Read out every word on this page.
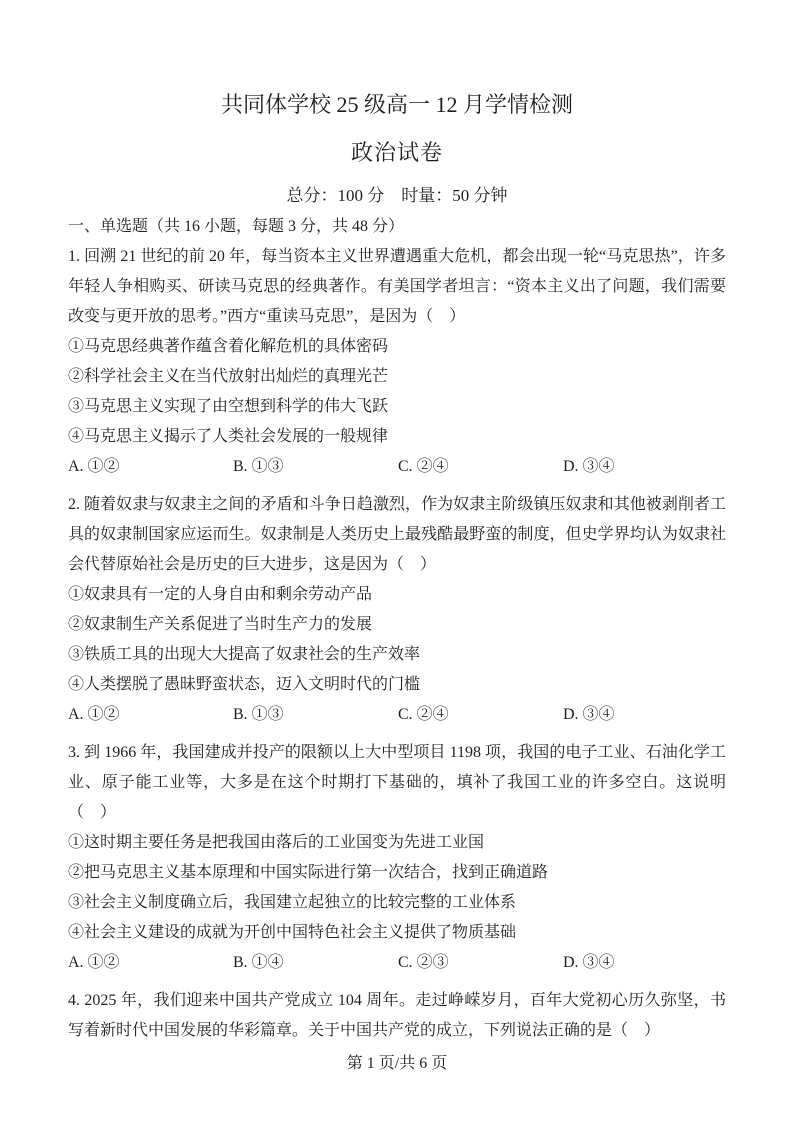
共同体学校 25 级高一 12 月学情检测
政治试卷
总分：100 分　时量：50 分钟
一、单选题（共 16 小题，每题 3 分，共 48 分）

1. 回溯 21 世纪的前 20 年，每当资本主义世界遭遇重大危机，都会出现一轮“马克思热”，许多年轻人争相购买、研读马克思的经典著作。有美国学者坦言：“资本主义出了问题，我们需要改变与更开放的思考。”西方“重读马克思”，是因为（　）

①马克思经典著作蕴含着化解危机的具体密码

②科学社会主义在当代放射出灿烂的真理光芒

③马克思主义实现了由空想到科学的伟大飞跃

④马克思主义揭示了人类社会发展的一般规律

A. ①②	B. ①③	C. ②④	D. ③④

2. 随着奴隶与奴隶主之间的矛盾和斗争日趋激烈，作为奴隶主阶级镇压奴隶和其他被剥削者工具的奴隶制国家应运而生。奴隶制是人类历史上最残酷最野蛮的制度，但史学界均认为奴隶社会代替原始社会是历史的巨大进步，这是因为（　）

①奴隶具有一定的人身自由和剩余劳动产品

②奴隶制生产关系促进了当时生产力的发展

③铁质工具的出现大大提高了奴隶社会的生产效率

④人类摆脱了愚昧野蛮状态，迈入文明时代的门槛

A. ①②	B. ①③	C. ②④	D. ③④

3. 到 1966 年，我国建成并投产的限额以上大中型项目 1198 项，我国的电子工业、石油化学工业、原子能工业等，大多是在这个时期打下基础的，填补了我国工业的许多空白。这说明（　）

①这时期主要任务是把我国由落后的工业国变为先进工业国

②把马克思主义基本原理和中国实际进行第一次结合，找到正确道路

③社会主义制度确立后，我国建立起独立的比较完整的工业体系

④社会主义建设的成就为开创中国特色社会主义提供了物质基础

A. ①②	B. ①④	C. ②③	D. ③④

4. 2025 年，我们迎来中国共产党成立 104 周年。走过峥嵘岁月，百年大党初心历久弥坚，书写着新时代中国发展的华彩篇章。关于中国共产党的成立，下列说法正确的是（　）

第 1 页/共 6 页
